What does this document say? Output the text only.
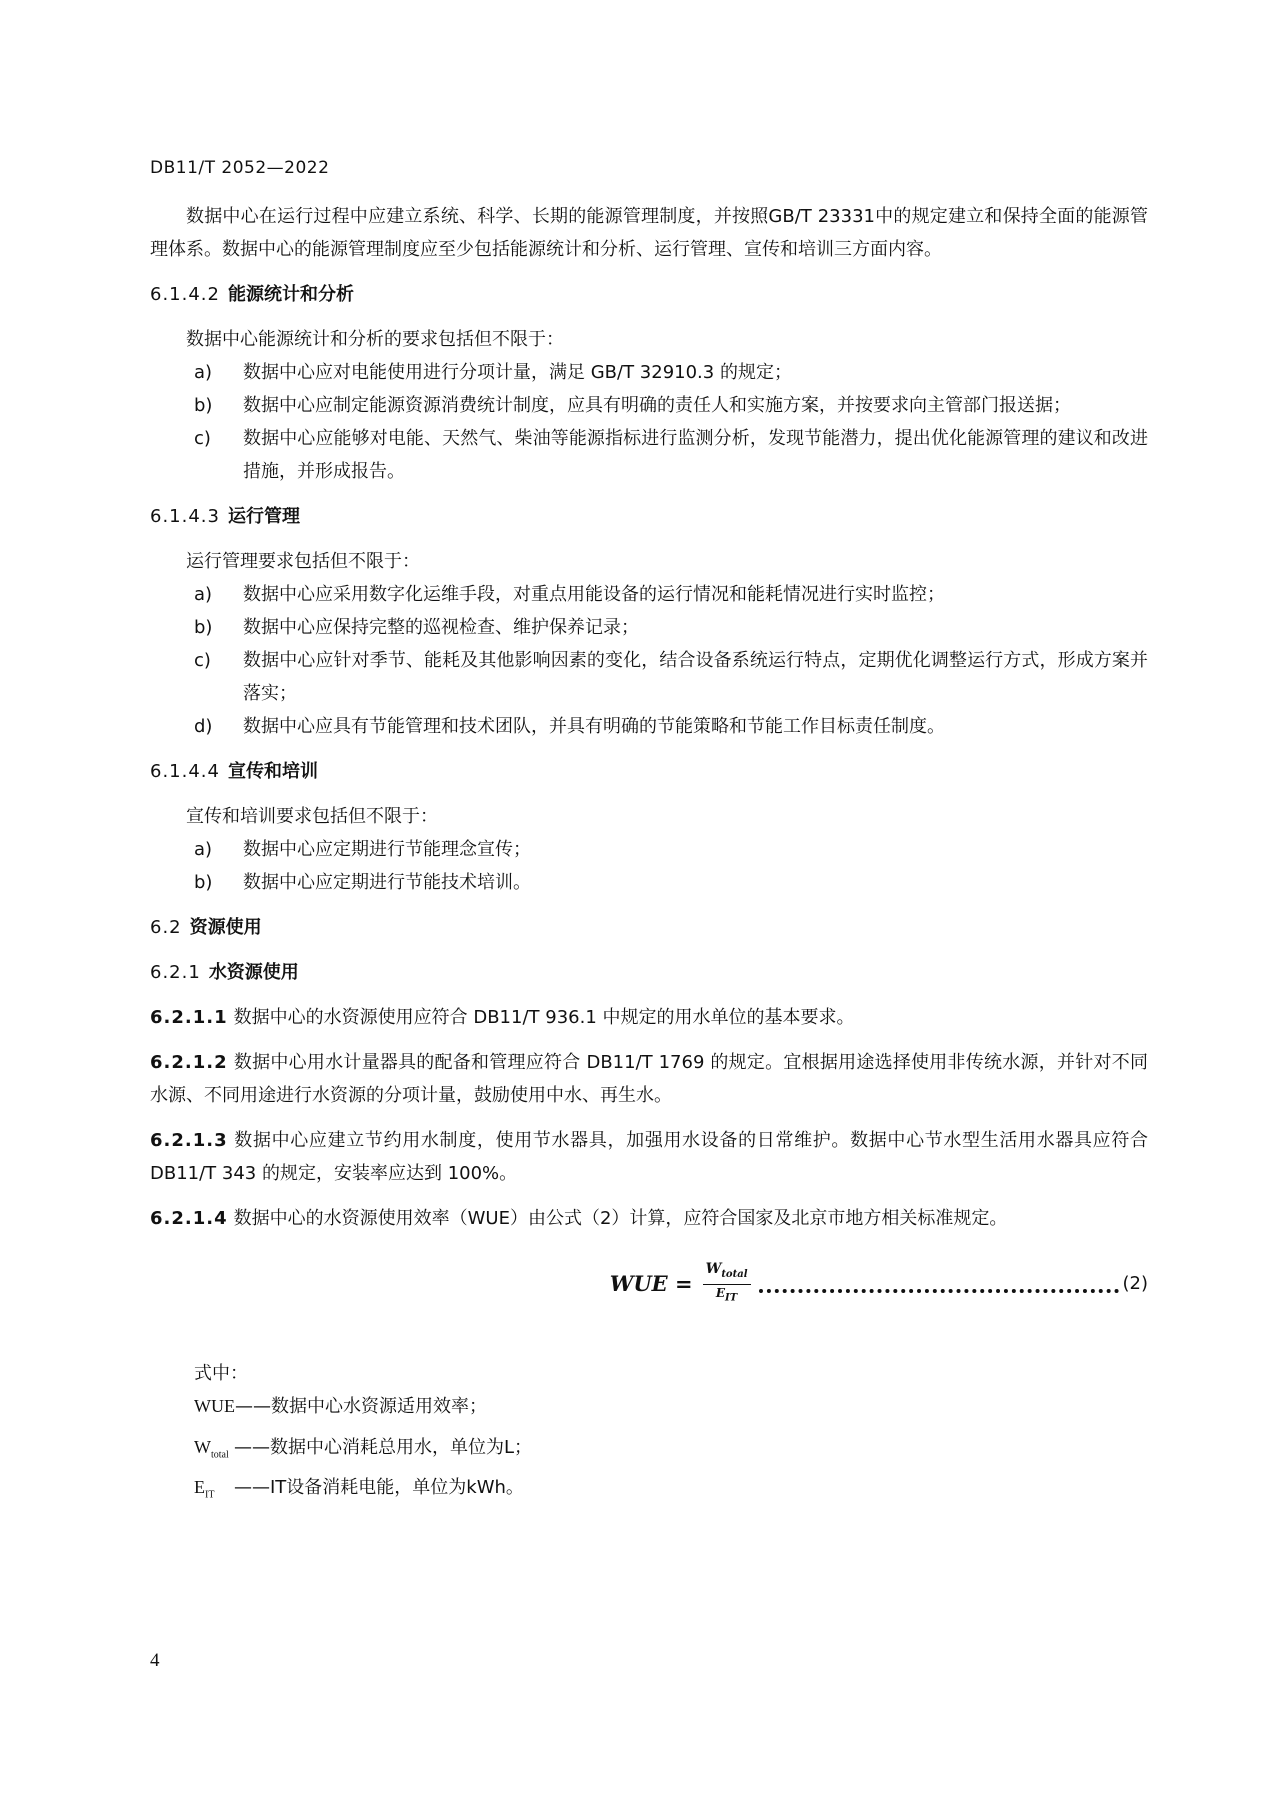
DB11/T 2052—2022

数据中心在运行过程中应建立系统、科学、长期的能源管理制度，并按照GB/T 23331中的规定建立和保持全面的能源管理体系。数据中心的能源管理制度应至少包括能源统计和分析、运行管理、宣传和培训三方面内容。

6.1.4.2 能源统计和分析

数据中心能源统计和分析的要求包括但不限于：

a) 数据中心应对电能使用进行分项计量，满足 GB/T 32910.3 的规定；
b) 数据中心应制定能源资源消费统计制度，应具有明确的责任人和实施方案，并按要求向主管部门报送据；
c) 数据中心应能够对电能、天然气、柴油等能源指标进行监测分析，发现节能潜力，提出优化能源管理的建议和改进措施，并形成报告。
6.1.4.3 运行管理

运行管理要求包括但不限于：

a) 数据中心应采用数字化运维手段，对重点用能设备的运行情况和能耗情况进行实时监控；
b) 数据中心应保持完整的巡视检查、维护保养记录；
c) 数据中心应针对季节、能耗及其他影响因素的变化，结合设备系统运行特点，定期优化调整运行方式，形成方案并落实；
d) 数据中心应具有节能管理和技术团队，并具有明确的节能策略和节能工作目标责任制度。
6.1.4.4 宣传和培训

宣传和培训要求包括但不限于：

a) 数据中心应定期进行节能理念宣传；
b) 数据中心应定期进行节能技术培训。
6.2 资源使用
6.2.1 水资源使用

6.2.1.1 数据中心的水资源使用应符合 DB11/T 936.1 中规定的用水单位的基本要求。

6.2.1.2 数据中心用水计量器具的配备和管理应符合 DB11/T 1769 的规定。宜根据用途选择使用非传统水源，并针对不同水源、不同用途进行水资源的分项计量，鼓励使用中水、再生水。

6.2.1.3 数据中心应建立节约用水制度，使用节水器具，加强用水设备的日常维护。数据中心节水型生活用水器具应符合 DB11/T 343 的规定，安装率应达到 100%。

6.2.1.4 数据中心的水资源使用效率（WUE）由公式（2）计算，应符合国家及北京市地方相关标准规定。

WUE = $\frac{W_{total}}{E_{IT}}$	(2)

式中：

WUE——数据中心水资源适用效率；

$W_{total}$ ——数据中心消耗总用水，单位为L；

$E_{IT}$ ——IT设备消耗电能，单位为kWh。

4
